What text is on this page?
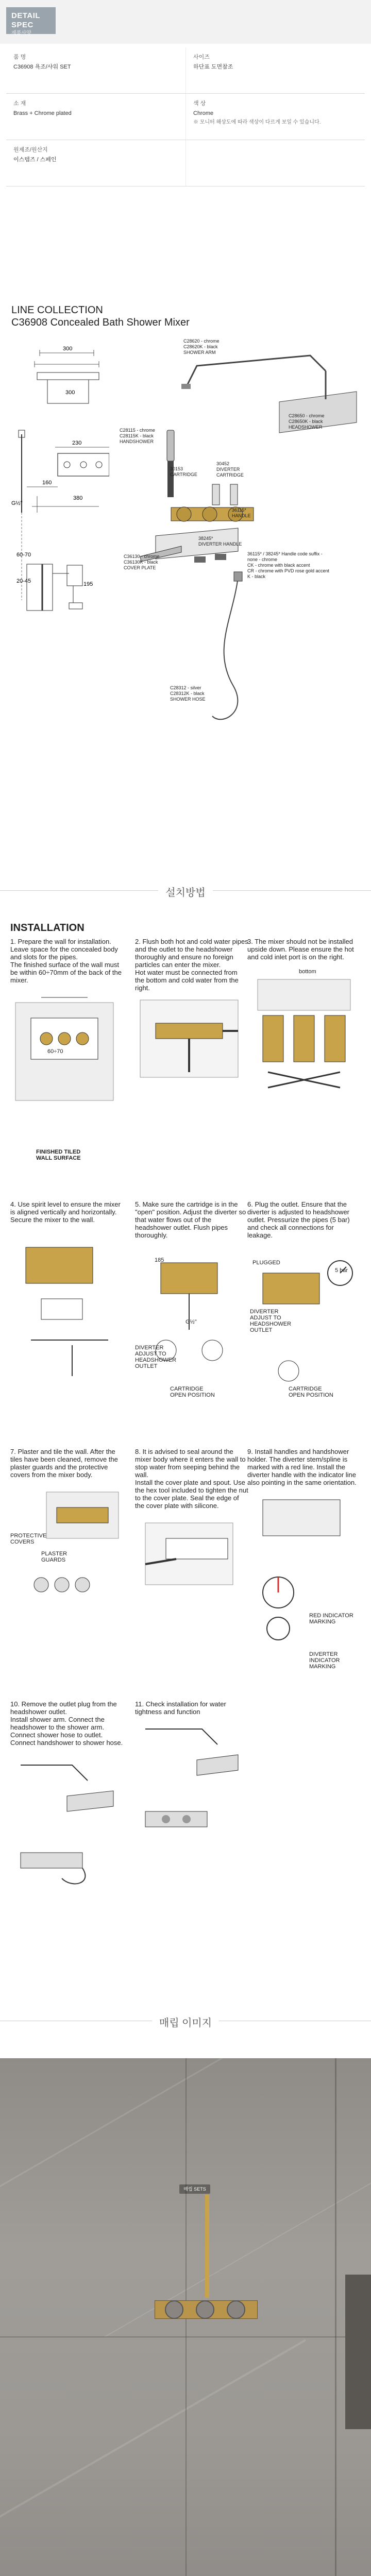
DETAIL SPEC
제품사양
품 명
C36908 욕조/샤워 SET
사이즈
하단표 도면참조
소 재
Brass + Chrome plated
색 상
Chrome
※ 모니터 해상도에 따라 색상이 다르게 보일 수 있습니다.
원제조/원산지
이스템즈 / 스페인
LINE COLLECTION
C36908 Concealed Bath Shower Mixer
300
300
230
G½"
380
160
60-70
20-45	195
C28620 - chrome
C28620K - black
SHOWER ARM
C28650 - chrome
C28650K - black
HEADSHOWER
C28115 - chrome
C28115K - black
HANDSHOWER
30153
CARTRIDGE
30452
DIVERTER
CARTRIDGE
C36130 - chrome
C36130K - black
COVER PLATE
36115*
HANDLE
38245*
DIVERTER HANDLE
36115* / 38245* Handle code suffix -
none - chrome
CK - chrome with black accent
CR - chrome with PVD rose gold accent
K - black
C28312 - silver
C28312K - black
SHOWER HOSE
설치방법
INSTALLATION
1. Prepare the wall for installation. Leave space for the concealed body and slots for the pipes.
The finished surface of the wall must be within 60÷70mm of the back of the mixer.
60÷70
FINISHED TILED
WALL SURFACE
2. Flush both hot and cold water pipes and the outlet to the headshower thoroughly and ensure no foreign particles can enter the mixer.
Hot water must be connected from the bottom and cold water from the right.
3. The mixer should not be installed upside down. Please ensure the hot and cold inlet port is on the right.
bottom
4. Use spirit level to ensure the mixer is aligned vertically and horizontally. Secure the mixer to the wall.
5. Make sure the cartridge is in the "open" position. Adjust the diverter so that water flows out of the headshower outlet. Flush pipes thoroughly.
185
G½"
DIVERTER
ADJUST TO
HEADSHOWER
OUTLET
CARTRIDGE
OPEN POSITION
6. Plug the outlet. Ensure that the diverter is adjusted to headshower outlet. Pressurize the pipes (5 bar) and check all connections for leakage.
PLUGGED
5 bar
DIVERTER
ADJUST TO
HEADSHOWER
OUTLET
CARTRIDGE
OPEN POSITION
7. Plaster and tile the wall. After the tiles have been cleaned, remove the plaster guards and the protective covers from the mixer body.
PROTECTIVE
COVERS
PLASTER
GUARDS
8. It is advised to seal around the mixer body where it enters the wall to stop water from seeping behind the wall.
Install the cover plate and spout. Use the hex tool included to tighten the nut to the cover plate. Seal the edge of the cover plate with silicone.
9. Install handles and handshower holder. The diverter stem/spline is marked with a red line. Install the diverter handle with the indicator line also pointing in the same orientation.
RED INDICATOR
MARKING
DIVERTER
INDICATOR
MARKING
10. Remove the outlet plug from the headshower outlet.
Install shower arm. Connect the headshower to the shower arm. Connect shower hose to outlet. Connect handshower to shower hose.
11. Check installation for water tightness and function
매립 이미지
매립 SETS
